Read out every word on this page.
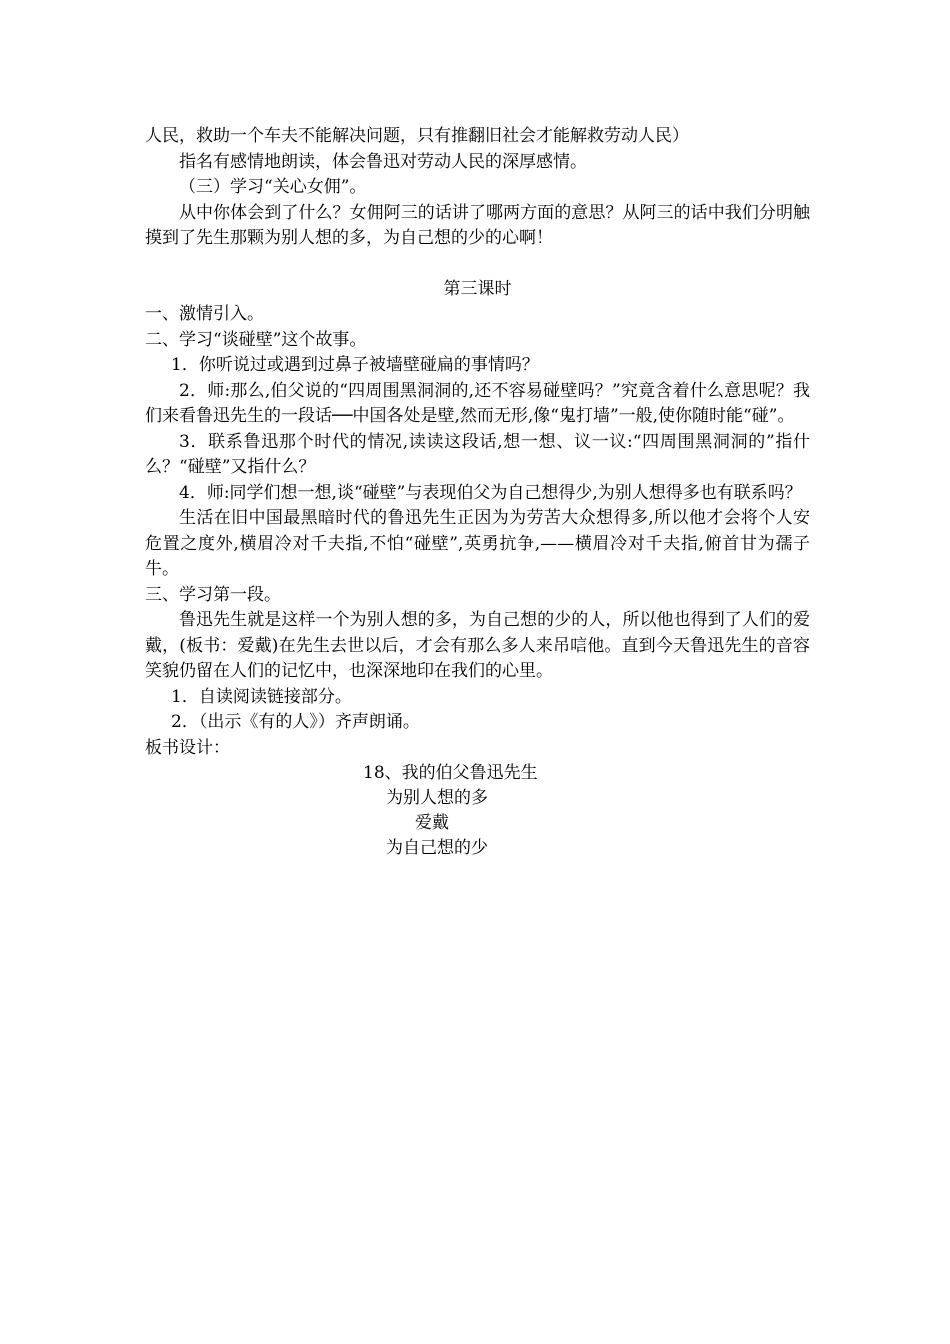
人民，救助一个车夫不能解决问题，只有推翻旧社会才能解救劳动人民）

指名有感情地朗读，体会鲁迅对劳动人民的深厚感情。

（三）学习“关心女佣”。

从中你体会到了什么？女佣阿三的话讲了哪两方面的意思？从阿三的话中我们分明触摸到了先生那颗为别人想的多，为自己想的少的心啊！

第三课时

一、激情引入。

二、学习“谈碰壁”这个故事。

1．你听说过或遇到过鼻子被墙壁碰扁的事情吗？

2．师:那么,伯父说的“四周围黑洞洞的,还不容易碰壁吗？”究竟含着什么意思呢？我们来看鲁迅先生的一段话──中国各处是壁,然而无形,像“鬼打墙”一般,使你随时能“碰”。

3．联系鲁迅那个时代的情况,读读这段话,想一想、议一议:“四周围黑洞洞的”指什么？“碰壁”又指什么？

4．师:同学们想一想,谈“碰壁”与表现伯父为自己想得少,为别人想得多也有联系吗？

生活在旧中国最黑暗时代的鲁迅先生正因为为劳苦大众想得多,所以他才会将个人安危置之度外,横眉冷对千夫指,不怕“碰壁”,英勇抗争,——横眉冷对千夫指,俯首甘为孺子牛。

三、学习第一段。

鲁迅先生就是这样一个为别人想的多，为自己想的少的人，所以他也得到了人们的爱戴，(板书：爱戴)在先生去世以后，才会有那么多人来吊唁他。直到今天鲁迅先生的音容笑貌仍留在人们的记忆中，也深深地印在我们的心里。

1．自读阅读链接部分。

2．（出示《有的人》）齐声朗诵。

板书设计：

18、我的伯父鲁迅先生
为别人想的多
爱戴
为自己想的少
